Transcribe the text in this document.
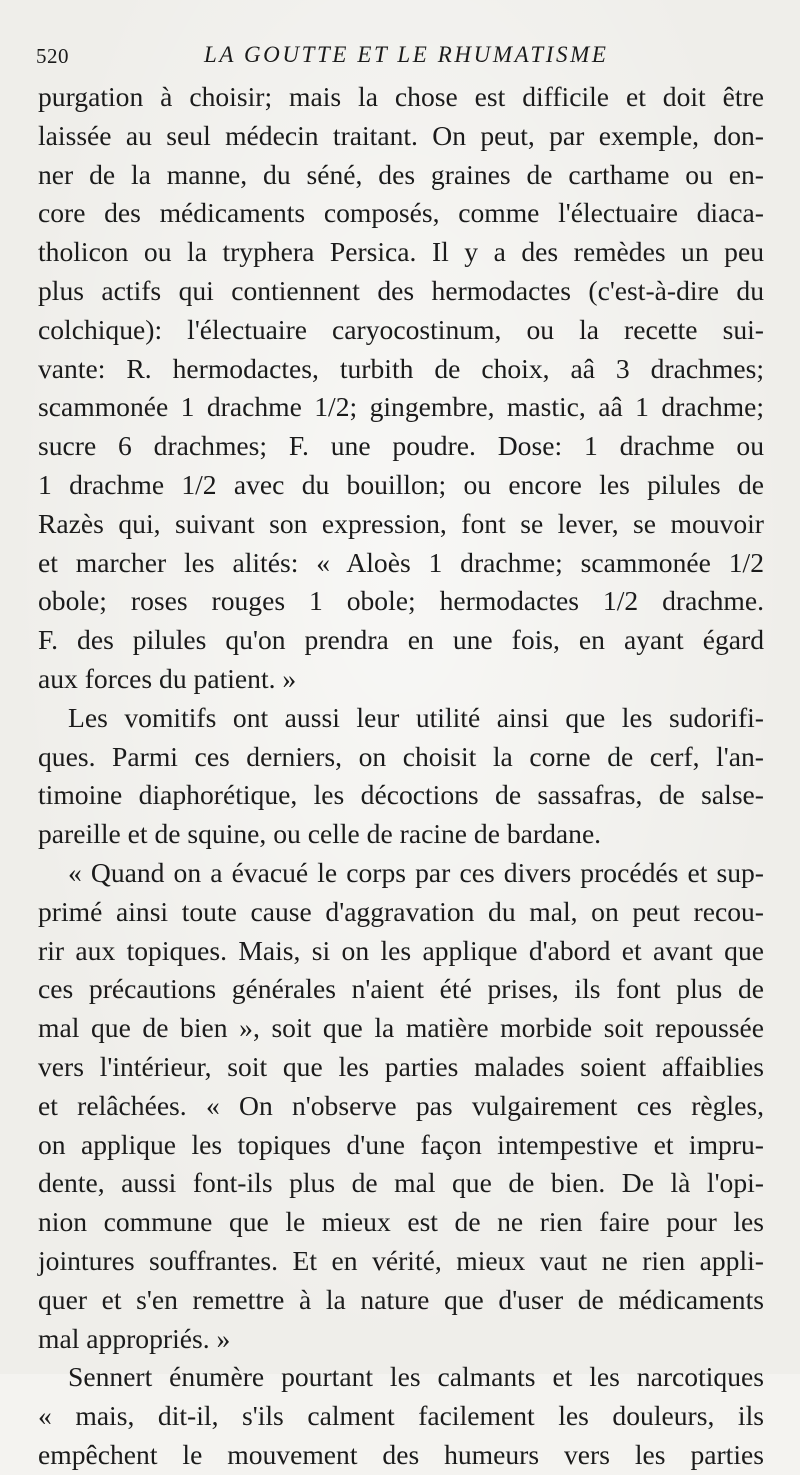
520	LA GOUTTE ET LE RHUMATISME
purgation à choisir; mais la chose est difficile et doit être
laissée au seul médecin traitant. On peut, par exemple, don-
ner de la manne, du séné, des graines de carthame ou en-
core des médicaments composés, comme l'électuaire diaca-
tholicon ou la tryphera Persica. Il y a des remèdes un peu
plus actifs qui contiennent des hermodactes (c'est-à-dire du
colchique): l'électuaire caryocostinum, ou la recette sui-
vante: R. hermodactes, turbith de choix, aâ 3 drachmes;
scammonée 1 drachme 1/2; gingembre, mastic, aâ 1 drachme;
sucre 6 drachmes; F. une poudre. Dose: 1 drachme ou
1 drachme 1/2 avec du bouillon; ou encore les pilules de
Razès qui, suivant son expression, font se lever, se mouvoir
et marcher les alités: « Aloès 1 drachme; scammonée 1/2
obole; roses rouges 1 obole; hermodactes 1/2 drachme.
F. des pilules qu'on prendra en une fois, en ayant égard
aux forces du patient. »
Les vomitifs ont aussi leur utilité ainsi que les sudorifi-
ques. Parmi ces derniers, on choisit la corne de cerf, l'an-
timoine diaphorétique, les décoctions de sassafras, de salse-
pareille et de squine, ou celle de racine de bardane.
« Quand on a évacué le corps par ces divers procédés et sup-
primé ainsi toute cause d'aggravation du mal, on peut recou-
rir aux topiques. Mais, si on les applique d'abord et avant que
ces précautions générales n'aient été prises, ils font plus de
mal que de bien », soit que la matière morbide soit repoussée
vers l'intérieur, soit que les parties malades soient affaiblies
et relâchées. « On n'observe pas vulgairement ces règles,
on applique les topiques d'une façon intempestive et impru-
dente, aussi font-ils plus de mal que de bien. De là l'opi-
nion commune que le mieux est de ne rien faire pour les
jointures souffrantes. Et en vérité, mieux vaut ne rien appli-
quer et s'en remettre à la nature que d'user de médicaments
mal appropriés. »
Sennert énumère pourtant les calmants et les narcotiques
« mais, dit-il, s'ils calment facilement les douleurs, ils
empêchent le mouvement des humeurs vers les parties
